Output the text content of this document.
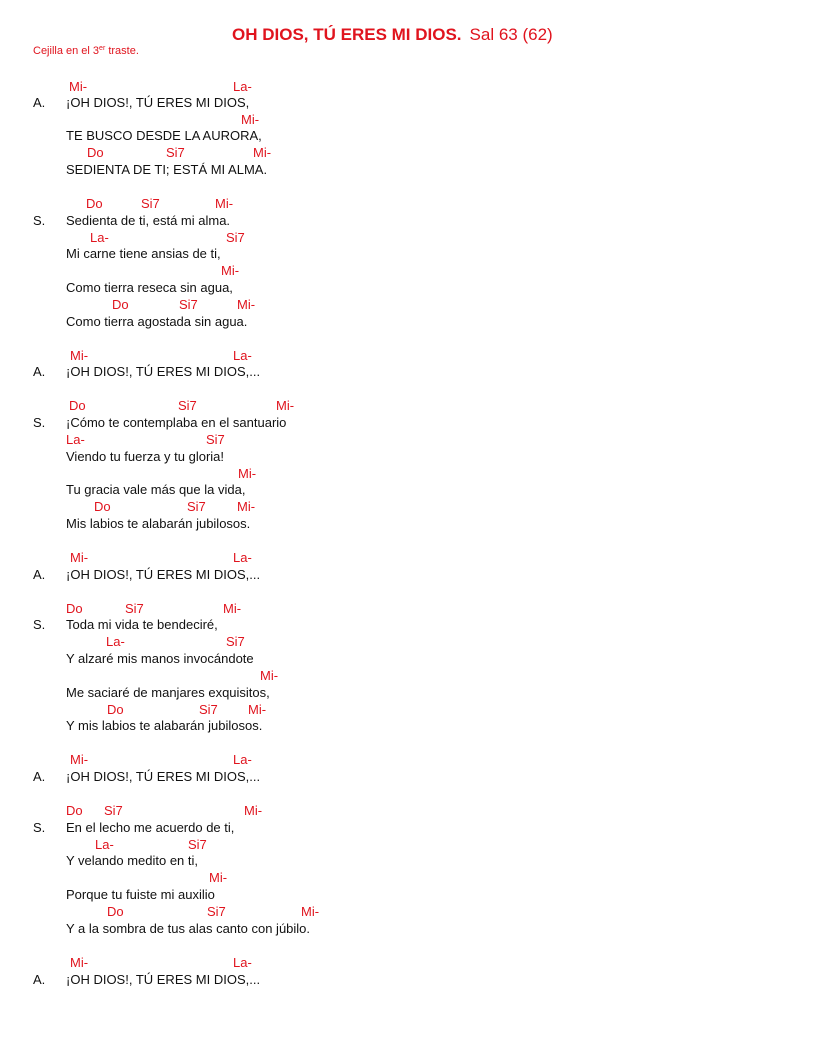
OH DIOS, TÚ ERES MI DIOS. Sal 63 (62)
Cejilla en el 3er traste.
Mi-	La-
A. ¡OH DIOS!, TÚ ERES MI DIOS,
Mi-
TE BUSCO DESDE LA AURORA,
Do	Si7	Mi-
SEDIENTA DE TI; ESTÁ MI ALMA.
Do	Si7	Mi-
S. Sedienta de ti, está mi alma.
La-	Si7
Mi carne tiene ansias de ti,
Mi-
Como tierra reseca sin agua,
Do	Si7	Mi-
Como tierra agostada sin agua.
Mi-	La-
A. ¡OH DIOS!, TÚ ERES MI DIOS,...
Do	Si7	Mi-
S. ¡Cómo te contemplaba en el santuario
La-	Si7
Viendo tu fuerza y tu gloria!
Mi-
Tu gracia vale más que la vida,
Do	Si7 Mi-
Mis labios te alabarán jubilosos.
Mi-	La-
A. ¡OH DIOS!, TÚ ERES MI DIOS,...
Do	Si7	Mi-
S. Toda mi vida te bendeciré,
La-	Si7
Y alzaré mis manos invocándote
Mi-
Me saciaré de manjares exquisitos,
Do	Si7 Mi-
Y mis labios te alabarán jubilosos.
Mi-	La-
A. ¡OH DIOS!, TÚ ERES MI DIOS,...
Do Si7	Mi-
S. En el lecho me acuerdo de ti,
La-	Si7
Y velando medito en ti,
Mi-
Porque tu fuiste mi auxilio
Do	Si7	Mi-
Y a la sombra de tus alas canto con júbilo.
Mi-	La-
A. ¡OH DIOS!, TÚ ERES MI DIOS,...
